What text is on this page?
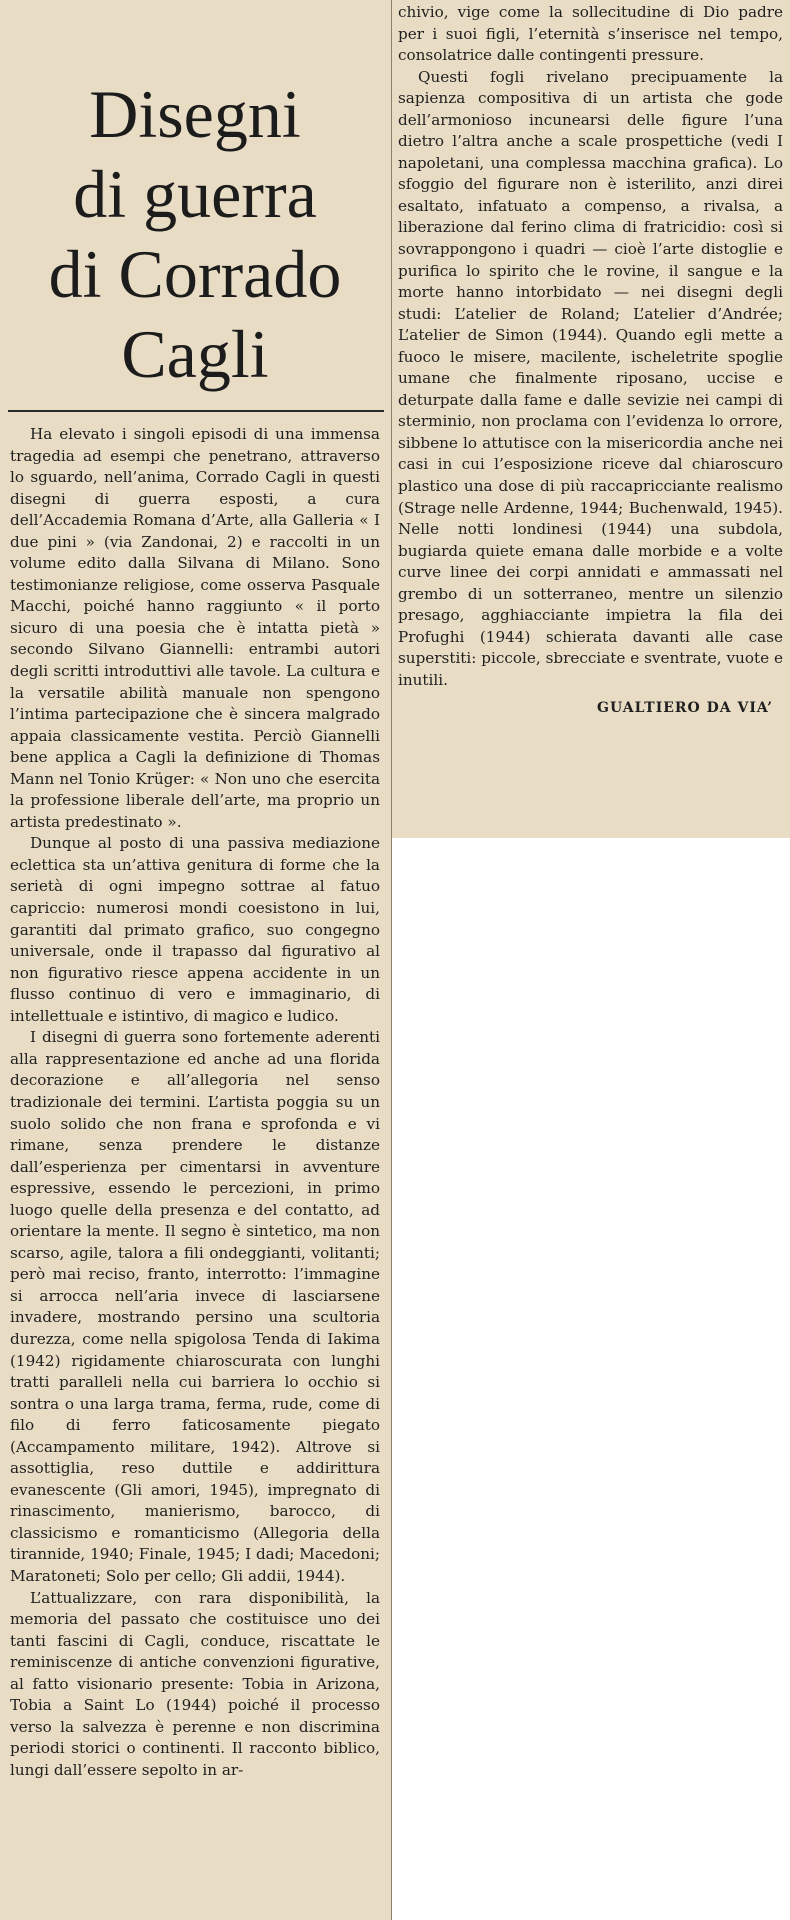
Disegni
di guerra
di Corrado
Cagli

Ha elevato i singoli episodi di una immensa tragedia ad esempi che penetrano, attraverso lo sguardo, nell’anima, Corrado Cagli in questi disegni di guerra esposti, a cura dell’Accademia Romana d’Arte, alla Galleria « I due pini » (via Zandonai, 2) e raccolti in un volume edito dalla Silvana di Milano. Sono testimonianze religiose, come osserva Pasquale Macchi, poiché hanno raggiunto « il porto sicuro di una poesia che è intatta pietà » secondo Silvano Giannelli: entrambi autori degli scritti introduttivi alle tavole. La cultura e la versatile abilità manuale non spengono l’intima partecipazione che è sincera malgrado appaia classicamente vestita. Perciò Giannelli bene applica a Cagli la definizione di Thomas Mann nel Tonio Krüger: « Non uno che esercita la professione liberale dell’arte, ma proprio un artista predestinato ».

Dunque al posto di una passiva mediazione eclettica sta un’attiva genitura di forme che la serietà di ogni impegno sottrae al fatuo capriccio: numerosi mondi coesistono in lui, garantiti dal primato grafico, suo congegno universale, onde il trapasso dal figurativo al non figurativo riesce appena accidente in un flusso continuo di vero e immaginario, di intellettuale e istintivo, di magico e ludico.

I disegni di guerra sono fortemente aderenti alla rappresentazione ed anche ad una florida decorazione e all’allegoria nel senso tradizionale dei termini. L’artista poggia su un suolo solido che non frana e sprofonda e vi rimane, senza prendere le distanze dall’esperienza per cimentarsi in avventure espressive, essendo le percezioni, in primo luogo quelle della presenza e del contatto, ad orientare la mente. Il segno è sintetico, ma non scarso, agile, talora a fili ondeggianti, volitanti; però mai reciso, franto, interrotto: l’immagine si arrocca nell’aria invece di lasciarsene invadere, mostrando persino una scultoria durezza, come nella spigolosa Tenda di Iakima (1942) rigidamente chiaroscurata con lunghi tratti paralleli nella cui barriera lo occhio si sontra o una larga trama, ferma, rude, come di filo di ferro faticosamente piegato (Accampamento militare, 1942). Altrove si assottiglia, reso duttile e addirittura evanescente (Gli amori, 1945), impregnato di rinascimento, manierismo, barocco, di classicismo e romanticismo (Allegoria della tirannide, 1940; Finale, 1945; I dadi; Macedoni; Maratoneti; Solo per cello; Gli addii, 1944).

L’attualizzare, con rara disponibilità, la memoria del passato che costituisce uno dei tanti fascini di Cagli, conduce, riscattate le reminiscenze di antiche convenzioni figurative, al fatto visionario presente: Tobia in Arizona, Tobia a Saint Lo (1944) poiché il processo verso la salvezza è perenne e non discrimina periodi storici o continenti. Il racconto biblico, lungi dall’essere sepolto in ar-

chivio, vige come la sollecitudine di Dio padre per i suoi figli, l’eternità s’inserisce nel tempo, consolatrice dalle contingenti pressure.

Questi fogli rivelano precipuamente la sapienza compositiva di un artista che gode dell’armonioso incunearsi delle figure l’una dietro l’altra anche a scale prospettiche (vedi I napoletani, una complessa macchina grafica). Lo sfoggio del figurare non è isterilito, anzi direi esaltato, infatuato a compenso, a rivalsa, a liberazione dal ferino clima di fratricidio: così si sovrappongono i quadri — cioè l’arte distoglie e purifica lo spirito che le rovine, il sangue e la morte hanno intorbidato — nei disegni degli studi: L’atelier de Roland; L’atelier d’Andrée; L’atelier de Simon (1944). Quando egli mette a fuoco le misere, macilente, ischeletrite spoglie umane che finalmente riposano, uccise e deturpate dalla fame e dalle sevizie nei campi di sterminio, non proclama con l’evidenza lo orrore, sibbene lo attutisce con la misericordia anche nei casi in cui l’esposizione riceve dal chiaroscuro plastico una dose di più raccapricciante realismo (Strage nelle Ardenne, 1944; Buchenwald, 1945). Nelle notti londinesi (1944) una subdola, bugiarda quiete emana dalle morbide e a volte curve linee dei corpi annidati e ammassati nel grembo di un sotterraneo, mentre un silenzio presago, agghiacciante impietra la fila dei Profughi (1944) schierata davanti alle case superstiti: piccole, sbrecciate e sventrate, vuote e inutili.

GUALTIERO DA VIA’
